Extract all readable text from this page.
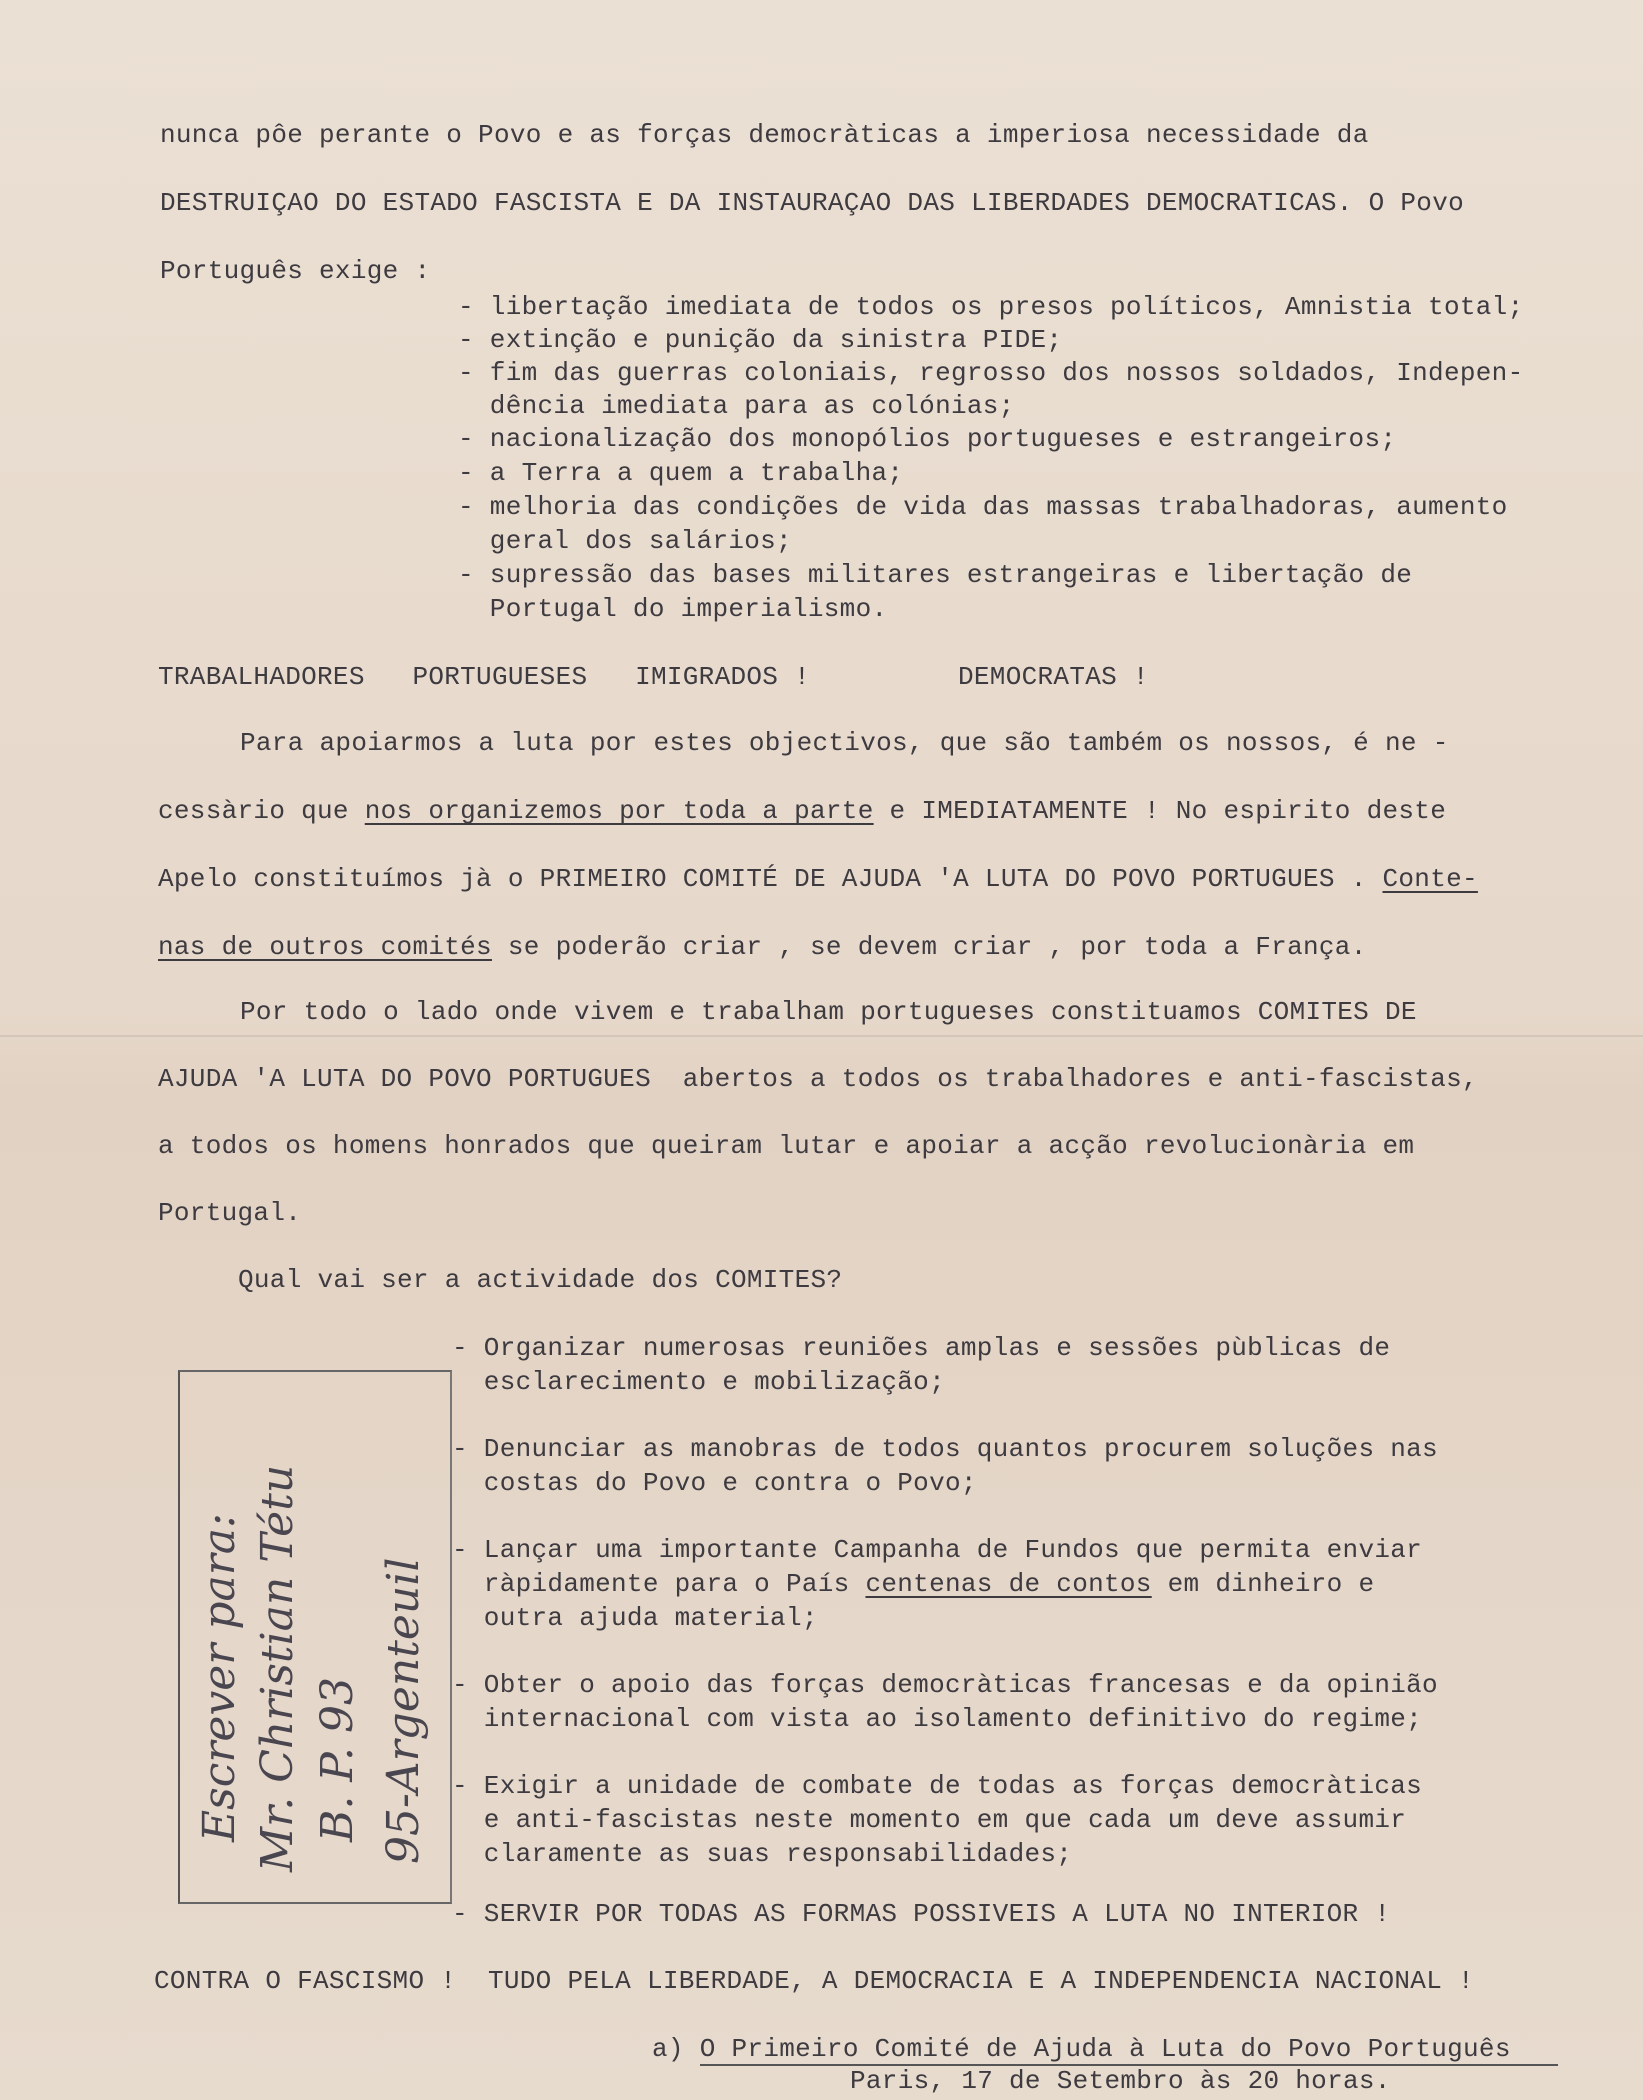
nunca pôe perante o Povo e as forças democràticas a imperiosa necessidade da
DESTRUIÇAO DO ESTADO FASCISTA E DA INSTAURAÇAO DAS LIBERDADES DEMOCRATICAS. O Povo
Português exige :
- libertação imediata de todos os presos políticos, Amnistia total;
- extinção e punição da sinistra PIDE;
- fim das guerras coloniais, regrosso dos nossos soldados, Indepen-
dência imediata para as colónias;
- nacionalização dos monopólios portugueses e estrangeiros;
- a Terra a quem a trabalha;
- melhoria das condições de vida das massas trabalhadoras, aumento
geral dos salários;
- supressão das bases militares estrangeiras e libertação de
Portugal do imperialismo.
TRABALHADORES   PORTUGUESES   IMIGRADOS !	DEMOCRATAS !
Para apoiarmos a luta por estes objectivos, que são também os nossos, é ne -
cessàrio que nos organizemos por toda a parte e IMEDIATAMENTE ! No espirito deste
Apelo constituímos jà o PRIMEIRO COMITÉ DE AJUDA 'A LUTA DO POVO PORTUGUES . Conte-
nas de outros comités se poderão criar , se devem criar , por toda a França.
Por todo o lado onde vivem e trabalham portugueses constituamos COMITES DE
AJUDA 'A LUTA DO POVO PORTUGUES  abertos a todos os trabalhadores e anti-fascistas,
a todos os homens honrados que queiram lutar e apoiar a acção revolucionària em
Portugal.
Qual vai ser a actividade dos COMITES?
- Organizar numerosas reuniões amplas e sessões pùblicas de
esclarecimento e mobilização;
- Denunciar as manobras de todos quantos procurem soluções nas
costas do Povo e contra o Povo;
- Lançar uma importante Campanha de Fundos que permita enviar
ràpidamente para o País centenas de contos em dinheiro e
outra ajuda material;
- Obter o apoio das forças democràticas francesas e da opinião
internacional com vista ao isolamento definitivo do regime;
- Exigir a unidade de combate de todas as forças democràticas
e anti-fascistas neste momento em que cada um deve assumir
claramente as suas responsabilidades;
- SERVIR POR TODAS AS FORMAS POSSIVEIS A LUTA NO INTERIOR !
Escrever para: Mr. Christian Tétu B. P. 93 95-Argenteuil
CONTRA O FASCISMO !  TUDO PELA LIBERDADE, A DEMOCRACIA E A INDEPENDENCIA NACIONAL !
a) O Primeiro Comité de Ajuda à Luta do Povo Português
Paris, 17 de Setembro às 20 horas.
